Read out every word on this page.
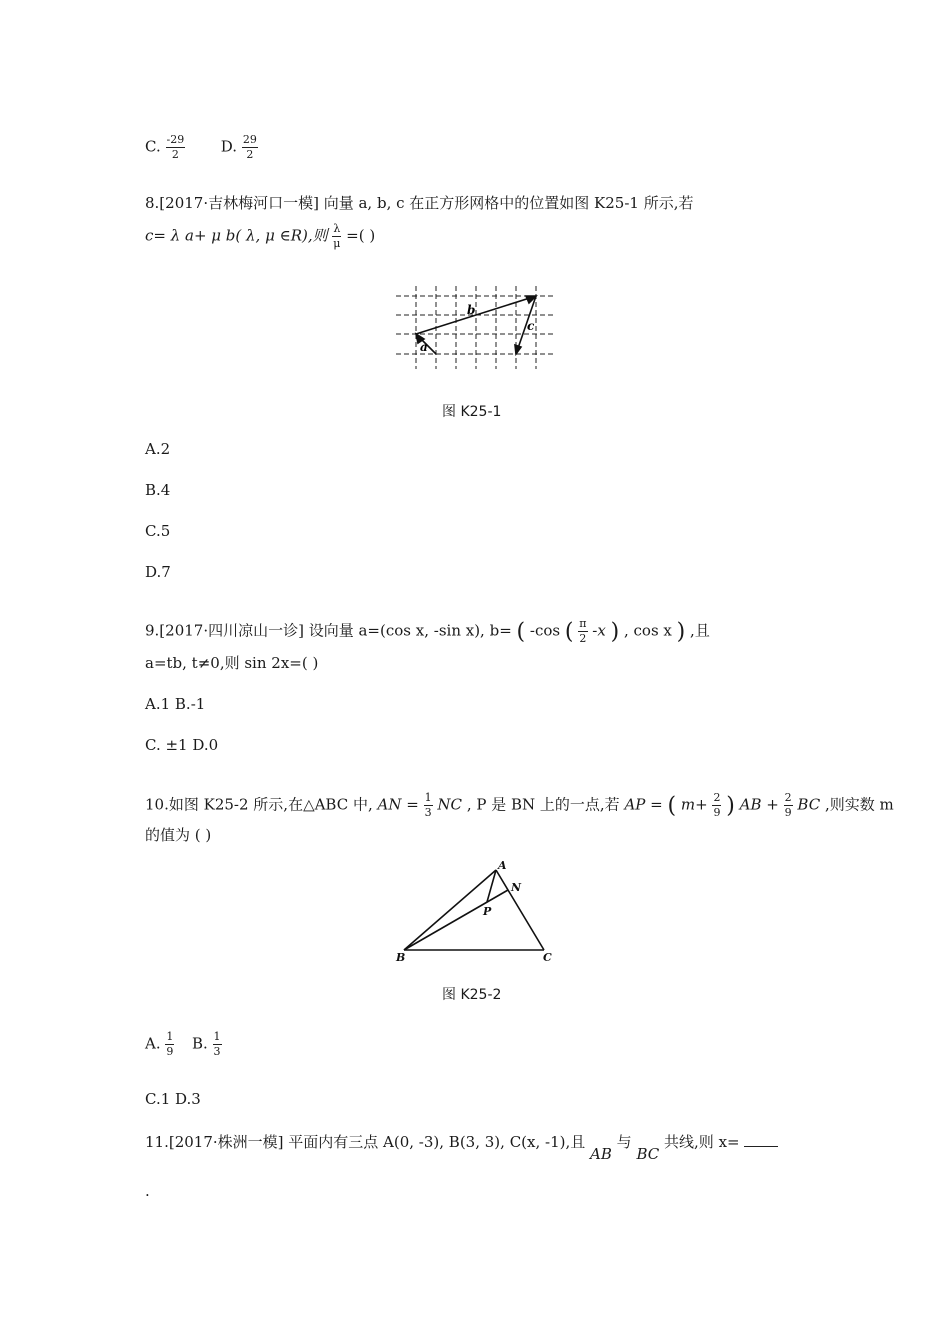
C. $\frac{-29}{2} D$. $\frac{29}{2}$
8.[2017·吉林梅河口一模] 向量 a, b, c 在正方形网格中的位置如图 K25-1 所示,若
c= λ a+ μ b( λ, μ ∈R),则 $\frac{\lambda}{\mu}$ =( )
b
a
c
图 K25-1
A.2
B.4
C.5
D.7
9.[2017·四川凉山一诊] 设向量 a=(cos x, -sin x), b= ( -cos ( $\frac{\pi}{2} -x$ ) , cos x ) ,且
a=tb, t≠0,则 sin 2x=( )
A.1 B.-1
C. ±1 D.0
10.如图 K25-2 所示,在△ABC 中, AN = $\frac{1}{3}$ NC , P 是 BN 上的一点,若 AP = ( $m+ \frac{2}{9}$ ) AB + $\frac{2}{9}$ BC ,则实数 m
的值为 ( )
A
N
P
B	C
图 K25-2
A. $\frac{1}{9} B$. $\frac{1}{3}$
C.1 D.3
11.[2017·株洲一模] 平面内有三点 A(0, -3), B(3, 3), C(x, -1),且 AB 与 BC 共线,则 x=
.
